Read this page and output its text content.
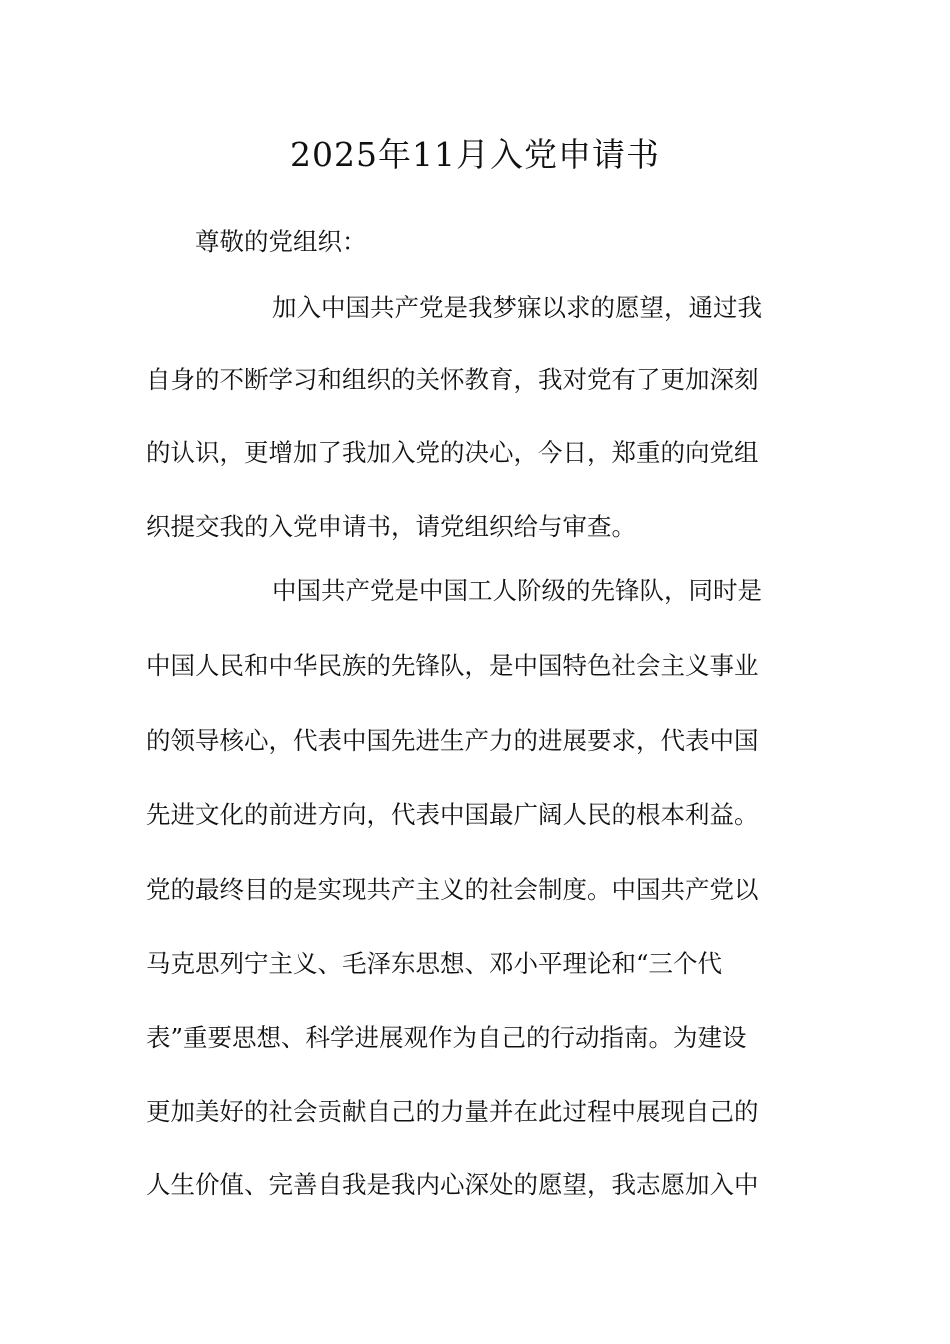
2025年11月入党申请书
尊敬的党组织：
加入中国共产党是我梦寐以求的愿望，通过我
自身的不断学习和组织的关怀教育，我对党有了更加深刻
的认识，更增加了我加入党的决心，今日，郑重的向党组
织提交我的入党申请书，请党组织给与审查。
中国共产党是中国工人阶级的先锋队，同时是
中国人民和中华民族的先锋队，是中国特色社会主义事业
的领导核心，代表中国先进生产力的进展要求，代表中国
先进文化的前进方向，代表中国最广阔人民的根本利益。
党的最终目的是实现共产主义的社会制度。中国共产党以
马克思列宁主义、毛泽东思想、邓小平理论和“三个代
表”重要思想、科学进展观作为自己的行动指南。为建设
更加美好的社会贡献自己的力量并在此过程中展现自己的
人生价值、完善自我是我内心深处的愿望，我志愿加入中
